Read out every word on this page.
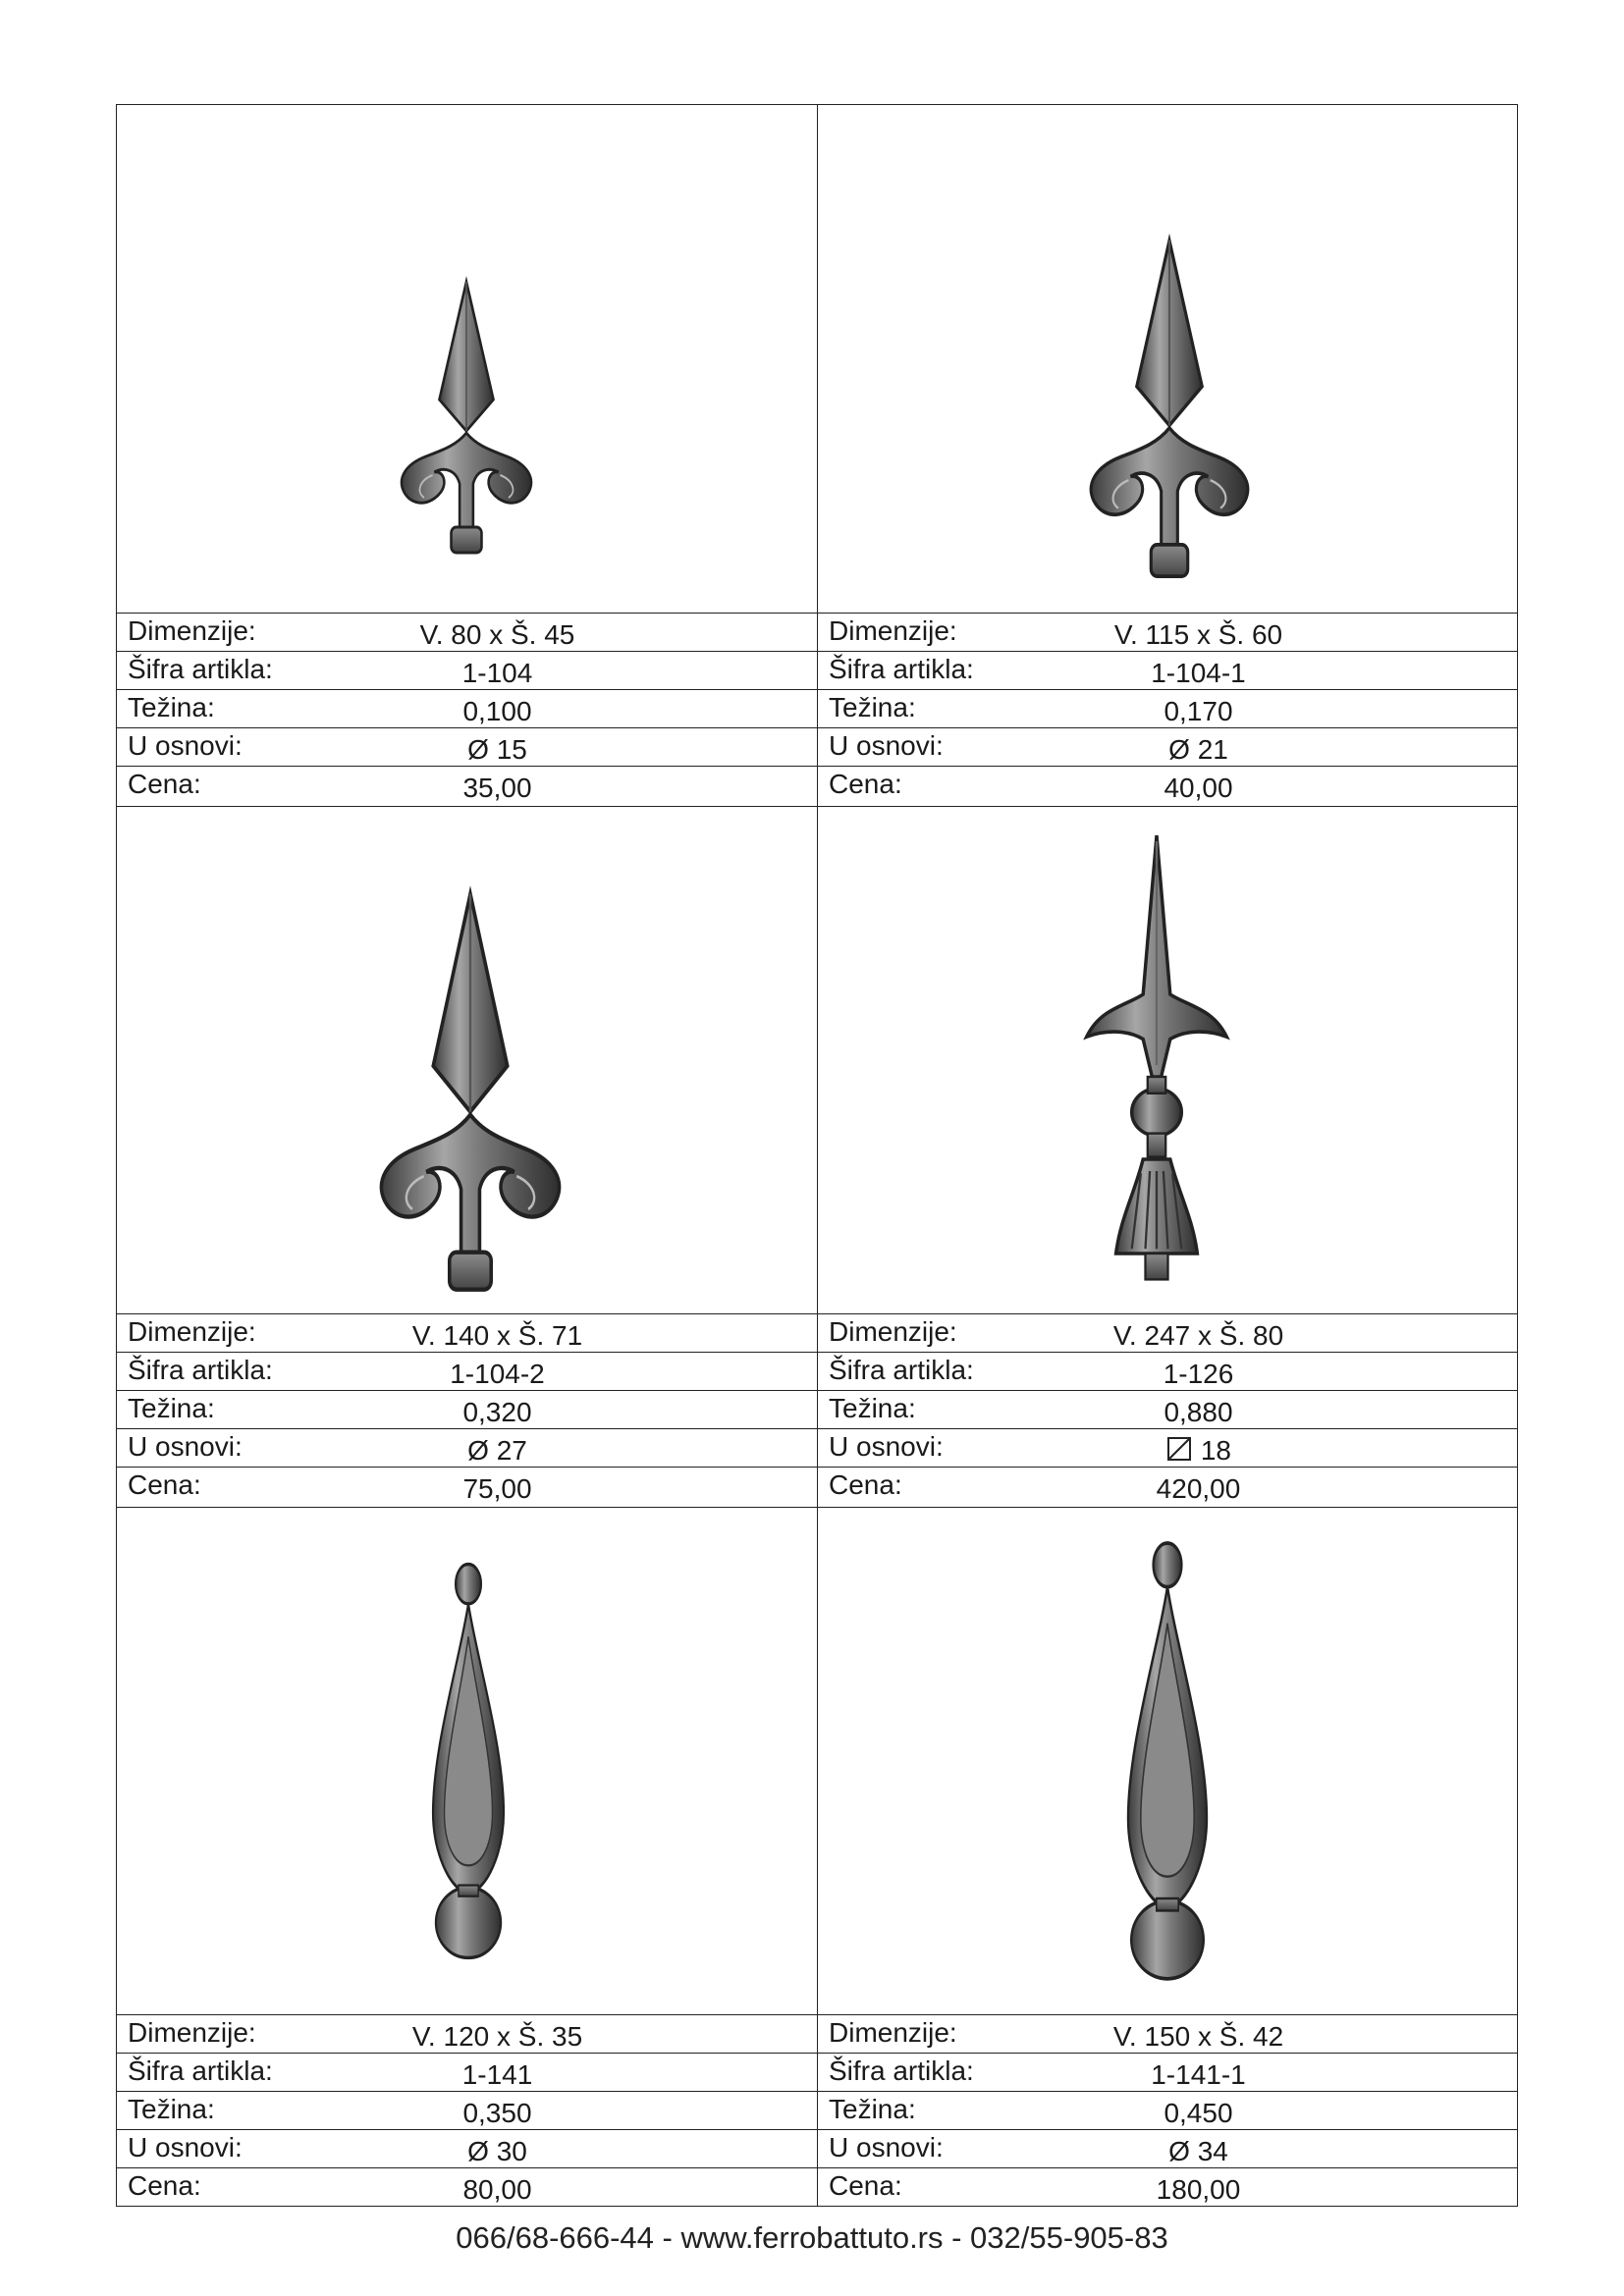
Dimenzije:	V. 80 x Š. 45
Šifra artikla:	1-104
Težina:	0,100
U osnovi:	Ø 15
Cena:	35,00
Dimenzije:	V. 115 x Š. 60
Šifra artikla:	1-104-1
Težina:	0,170
U osnovi:	Ø 21
Cena:	40,00
Dimenzije:	V. 140 x Š. 71
Šifra artikla:	1-104-2
Težina:	0,320
U osnovi:	Ø 27
Cena:	75,00
Dimenzije:	V. 247 x Š. 80
Šifra artikla:	1-126
Težina:	0,880
U osnovi:	18
Cena:	420,00
Dimenzije:	V. 120 x Š. 35
Šifra artikla:	1-141
Težina:	0,350
U osnovi:	Ø 30
Cena:	80,00
Dimenzije:	V. 150 x Š. 42
Šifra artikla:	1-141-1
Težina:	0,450
U osnovi:	Ø 34
Cena:	180,00
066/68-666-44 - www.ferrobattuto.rs - 032/55-905-83
